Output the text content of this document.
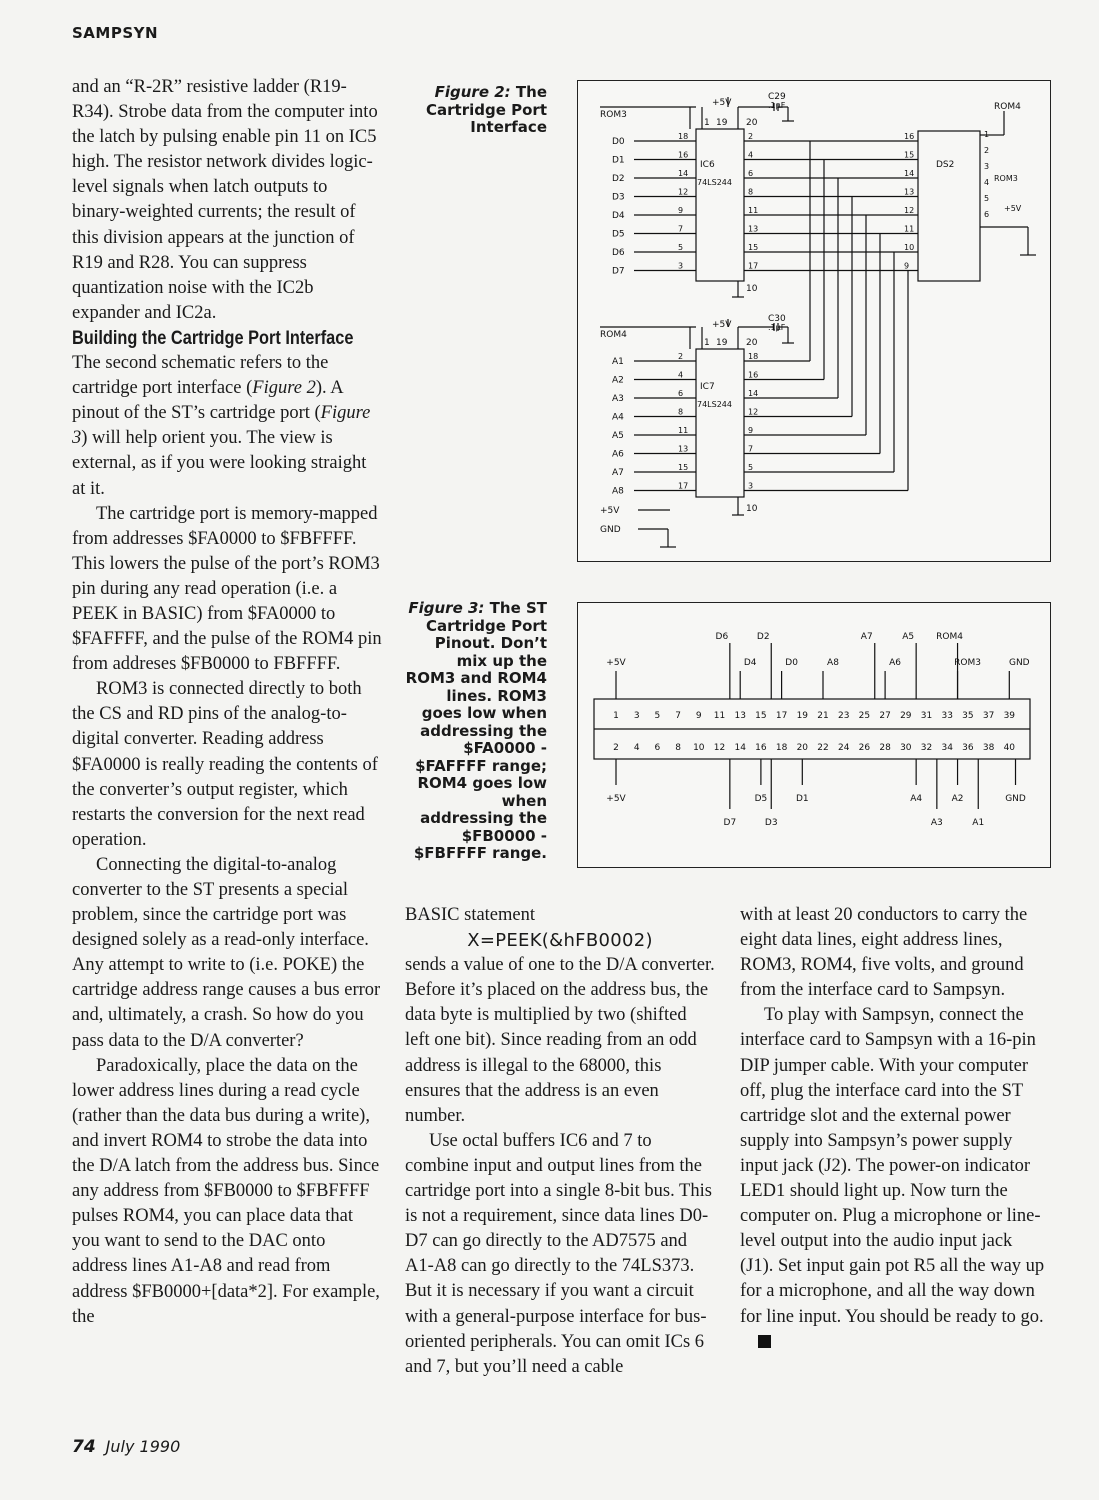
SAMPSYN

and an “R-2R” resistive ladder (R19-R34). Strobe data from the computer into the latch by pulsing enable pin 11 on IC5 high. The resistor network divides logic-level signals when latch outputs to binary-weighted currents; the result of this division appears at the junction of R19 and R28. You can suppress quantization noise with the IC2b expander and IC2a.

Building the Cartridge Port Interface

The second schematic refers to the cartridge port interface (Figure 2). A pinout of the ST’s cartridge port (Figure 3) will help orient you. The view is external, as if you were looking straight at it.

The cartridge port is memory-mapped from addresses $FA0000 to $FBFFFF. This lowers the pulse of the port’s ROM3 pin during any read operation (i.e. a PEEK in BASIC) from $FA0000 to $FAFFFF, and the pulse of the ROM4 pin from addreses $FB0000 to FBFFFF.

ROM3 is connected directly to both the CS and RD pins of the analog-to-digital converter. Reading address $FA0000 is really reading the contents of the converter’s output register, which restarts the conversion for the next read operation.

Connecting the digital-to-analog converter to the ST presents a special problem, since the cartridge port was designed solely as a read-only interface. Any attempt to write to (i.e. POKE) the cartridge address range causes a bus error and, ultimately, a crash. So how do you pass data to the D/A converter?

Paradoxically, place the data on the lower address lines during a read cycle (rather than the data bus during a write), and invert ROM4 to strobe the data into the D/A latch from the address bus. Since any address from $FB0000 to $FBFFFF pulses ROM4, you can place data that you want to send to the DAC onto address lines A1-A8 and read from address $FB0000+[data*2]. For example, the

Figure 2: The Cartridge Port Interface
ROM3
ROM4
IC6
74LS244
IC7
74LS244
DS2
+5V
C29
.1µF
+5V
C30
.1µF
ROM4
ROM3
+5V
+5V
GND
1 19 20
10
1 19 20
10
D0
18	2	16
A1
2	18
D1
16	4	15
A2
4	16
D2
14	6	14
A3
6	14
D3
12	8	13
A4
8	12
D4
9	11	12
A5
11	9
D5
7	13	11
A6
13	7
D6
5	15	10
A7
15	5
D7
3	17	9
A8
17	3
1
2
3
4
5
6
Figure 3: The ST Cartridge Port Pinout. Don’t mix up the ROM3 and ROM4 lines. ROM3 goes low when addressing the $FA0000 - $FAFFFF range; ROM4 goes low when addressing the $FB0000 - $FBFFFF range.
1
2
3
4
5
6
7
8
9
10
11
12
13
14
15
16
17
18
19
20
21
22
23
24
25
26
27
28
29
30
31
32
33
34
35
36
37
38
39
40
D6	D2	A7	A5 ROM4
+5V	D4	D0	A8	A6	ROM3	GND
+5V	D5	D1	A4	A2	GND
D7	D3	A3	A1

BASIC statement

X=PEEK(&hFB0002)

sends a value of one to the D/A converter. Before it’s placed on the address bus, the data byte is multiplied by two (shifted left one bit). Since reading from an odd address is illegal to the 68000, this ensures that the address is an even number.

Use octal buffers IC6 and 7 to combine input and output lines from the cartridge port into a single 8-bit bus. This is not a requirement, since data lines D0-D7 can go directly to the AD7575 and A1-A8 can go directly to the 74LS373. But it is necessary if you want a circuit with a general-purpose interface for bus-oriented peripherals. You can omit ICs 6 and 7, but you’ll need a cable

with at least 20 conductors to carry the eight data lines, eight address lines, ROM3, ROM4, five volts, and ground from the interface card to Sampsyn.

To play with Sampsyn, connect the interface card to Sampsyn with a 16-pin DIP jumper cable. With your computer off, plug the interface card into the ST cartridge slot and the external power supply into Sampsyn’s power supply input jack (J2). The power-on indicator LED1 should light up. Now turn the computer on. Plug a microphone or line-level output into the audio input jack (J1). Set input gain pot R5 all the way up for a microphone, and all the way down for line input. You should be ready to go.

74 July 1990
